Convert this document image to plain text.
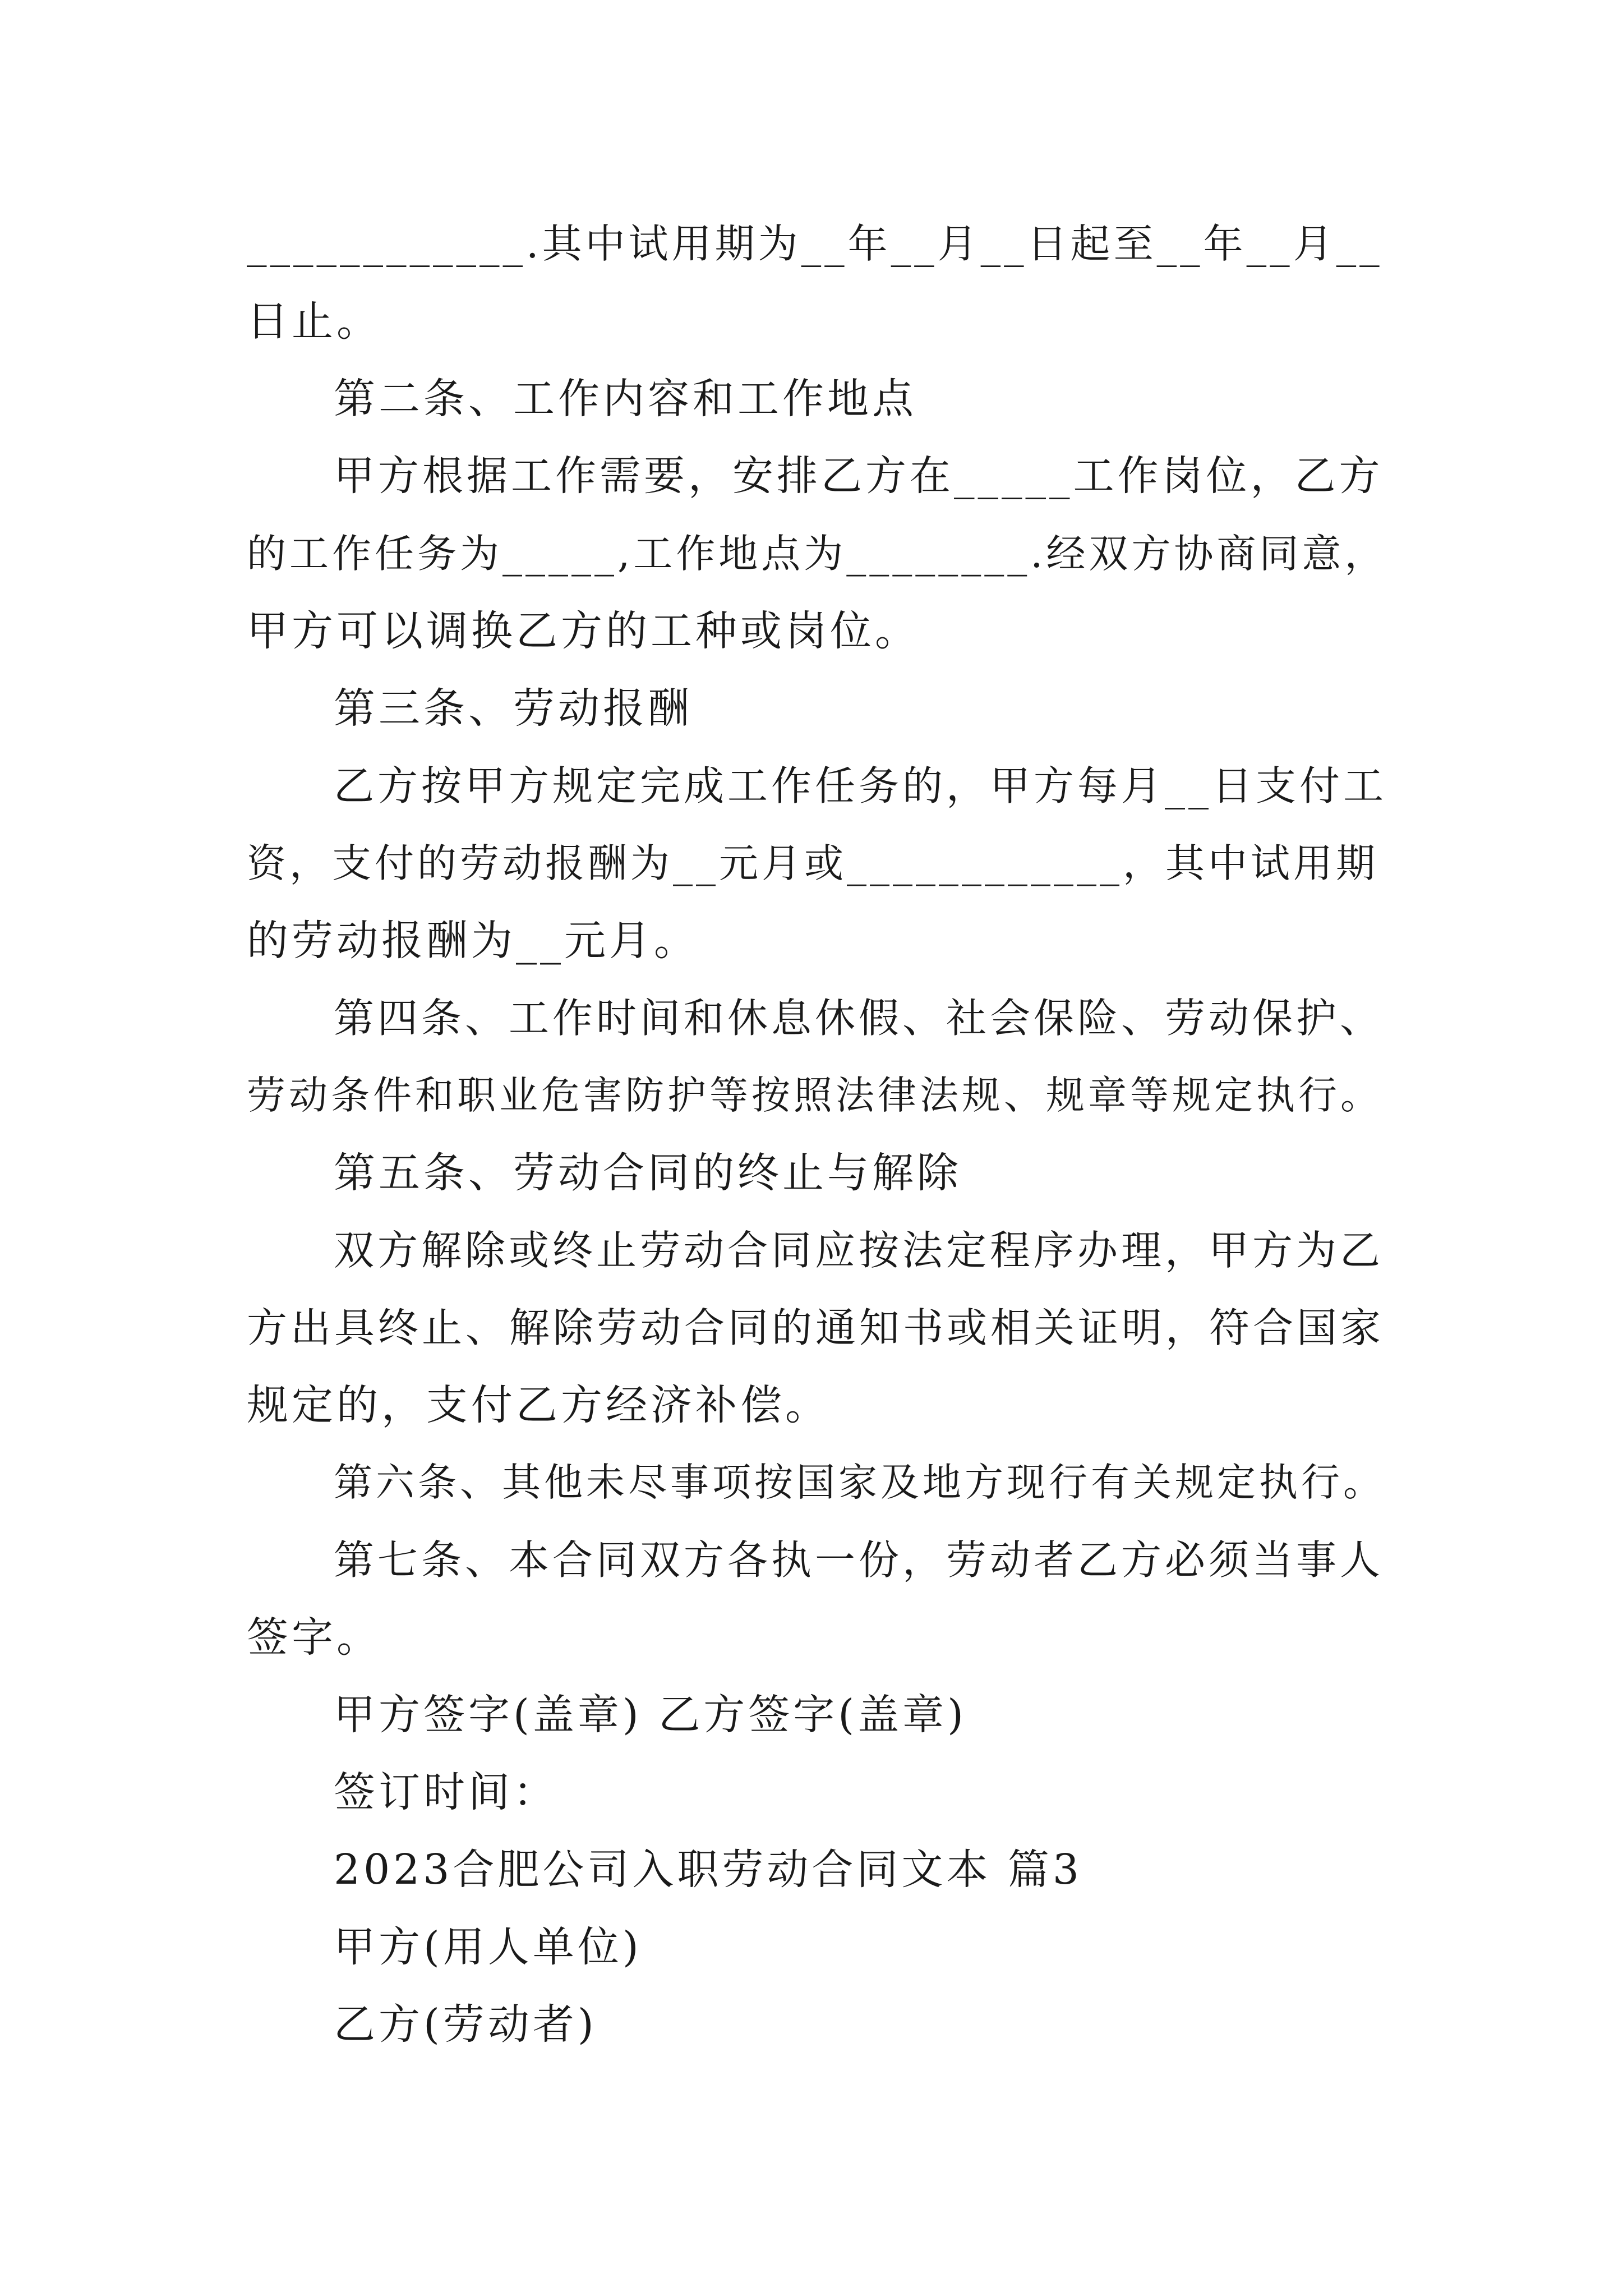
____________.其中试用期为__年__月__日起至__年__月__
日止。
第二条、工作内容和工作地点
甲方根据工作需要，安排乙方在_____工作岗位，乙方
的工作任务为_____,工作地点为________.经双方协商同意，
甲方可以调换乙方的工种或岗位。
第三条、劳动报酬
乙方按甲方规定完成工作任务的，甲方每月__日支付工
资，支付的劳动报酬为__元月或____________，其中试用期
的劳动报酬为__元月。
第四条、工作时间和休息休假、社会保险、劳动保护、
劳动条件和职业危害防护等按照法律法规、规章等规定执行。
第五条、劳动合同的终止与解除
双方解除或终止劳动合同应按法定程序办理，甲方为乙
方出具终止、解除劳动合同的通知书或相关证明，符合国家
规定的，支付乙方经济补偿。
第六条、其他未尽事项按国家及地方现行有关规定执行。
第七条、本合同双方各执一份，劳动者乙方必须当事人
签字。
甲方签字(盖章) 乙方签字(盖章)
签订时间：
2023合肥公司入职劳动合同文本 篇3
甲方(用人单位)
乙方(劳动者)
